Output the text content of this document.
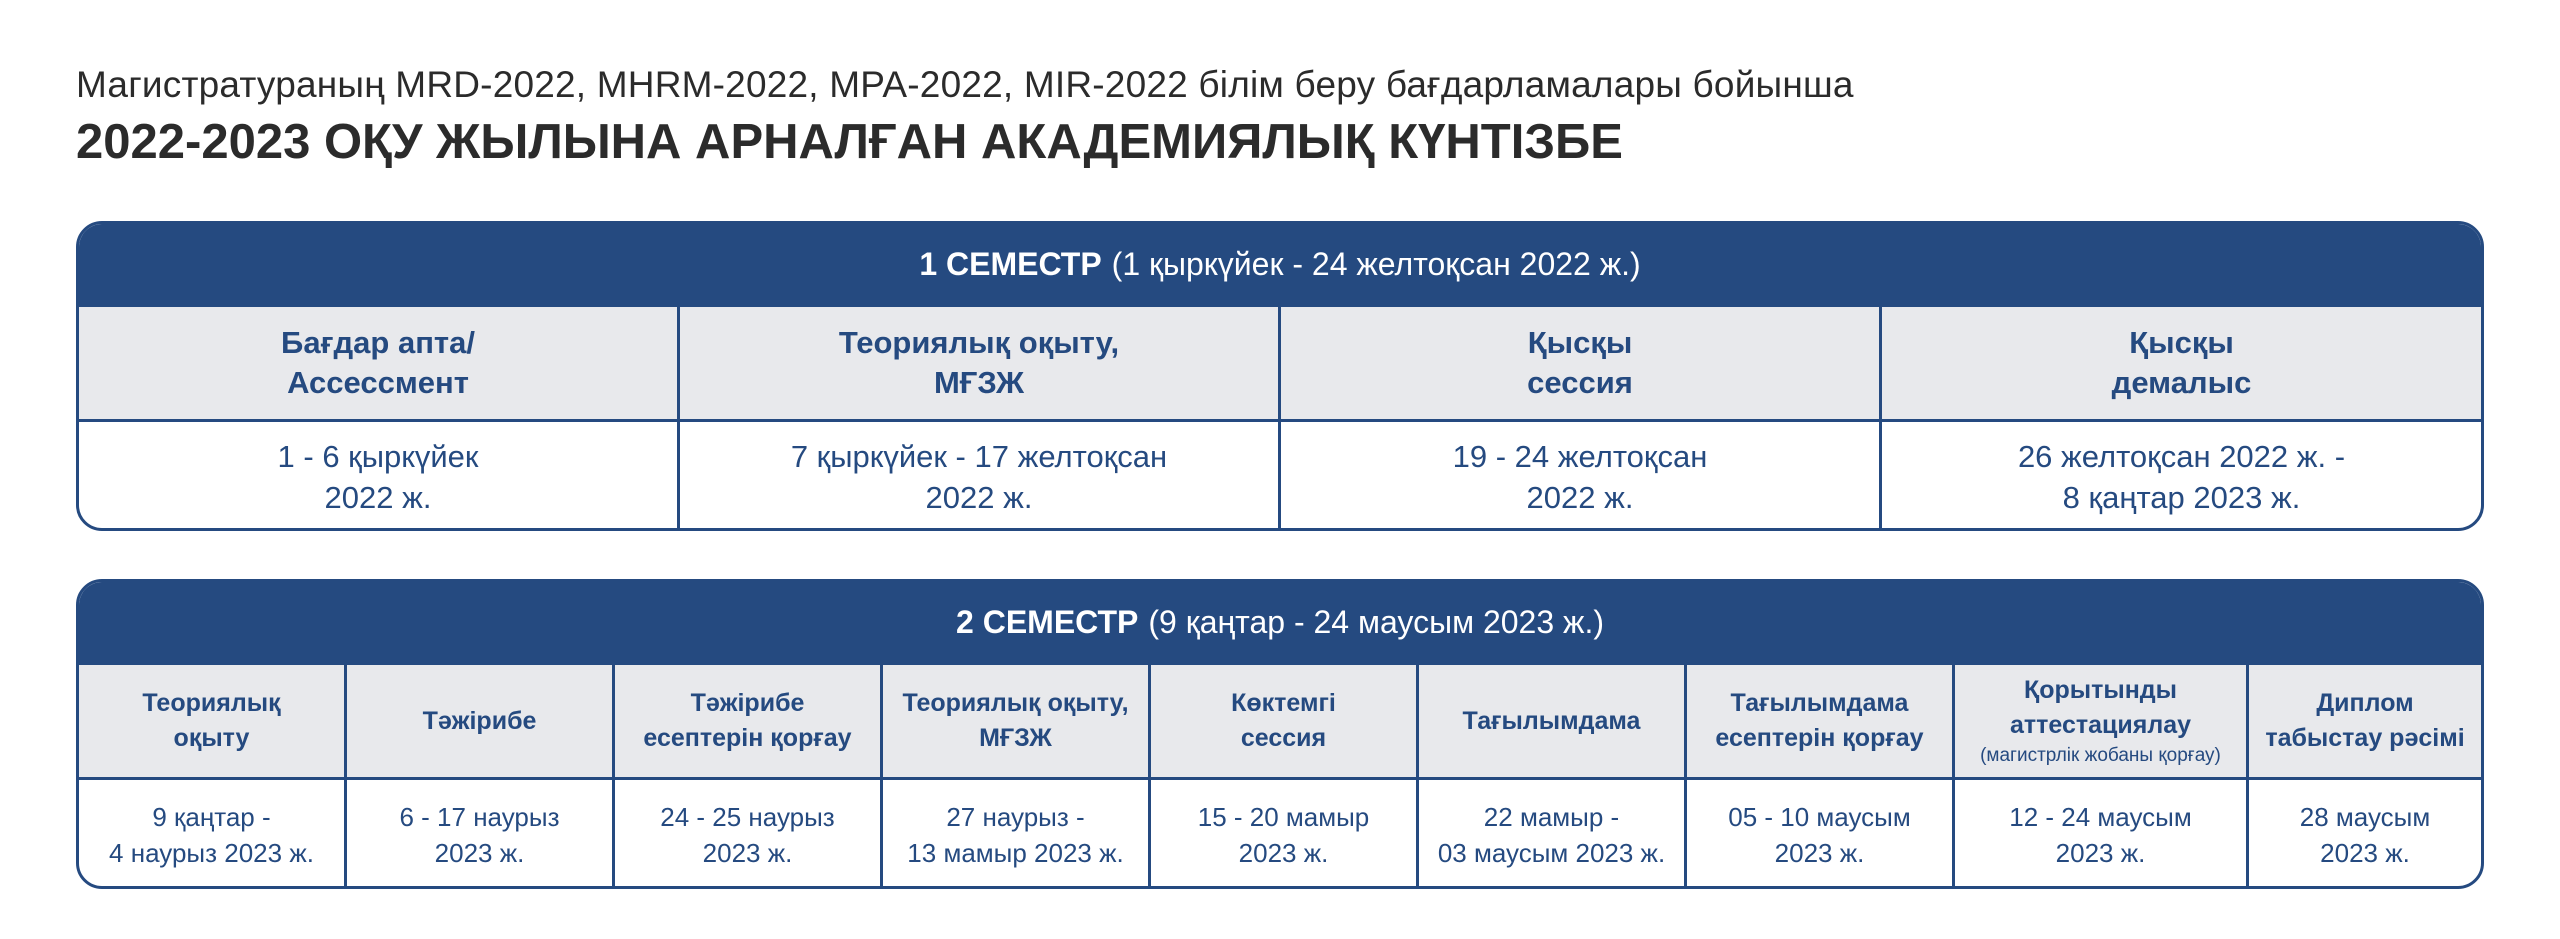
Магистратураның MRD-2022, MHRM-2022, MPA-2022, MIR-2022 білім беру бағдарламалары бойынша
2022-2023 ОҚУ ЖЫЛЫНА АРНАЛҒАН АКАДЕМИЯЛЫҚ КҮНТІЗБЕ
1 СЕМЕСТР (1 қыркүйек - 24 желтоқсан 2022 ж.)
Бағдар апта/
Ассессмент
Теориялық оқыту,
МҒЗЖ
Қысқы
сессия
Қысқы
демалыс
1 - 6 қыркүйек
2022 ж.
7 қыркүйек - 17 желтоқсан
2022 ж.
19 - 24 желтоқсан
2022 ж.
26 желтоқсан 2022 ж. -
8 қаңтар 2023 ж.
2 СЕМЕСТР (9 қаңтар - 24 маусым 2023 ж.)
Теориялық
оқыту
Тәжірибе
Тәжірибе
есептерін қорғау
Теориялық оқыту,
МҒЗЖ
Көктемгі
сессия
Тағылымдама
Тағылымдама
есептерін қорғау
Қорытынды
аттестациялау
(магистрлік жобаны қорғау)
Диплом
табыстау рәсімі
9 қаңтар -
4 наурыз 2023 ж.
6 - 17 наурыз
2023 ж.
24 - 25 наурыз
2023 ж.
27 наурыз -
13 мамыр 2023 ж.
15 - 20 мамыр
2023 ж.
22 мамыр -
03 маусым 2023 ж.
05 - 10 маусым
2023 ж.
12 - 24 маусым
2023 ж.
28 маусым
2023 ж.
